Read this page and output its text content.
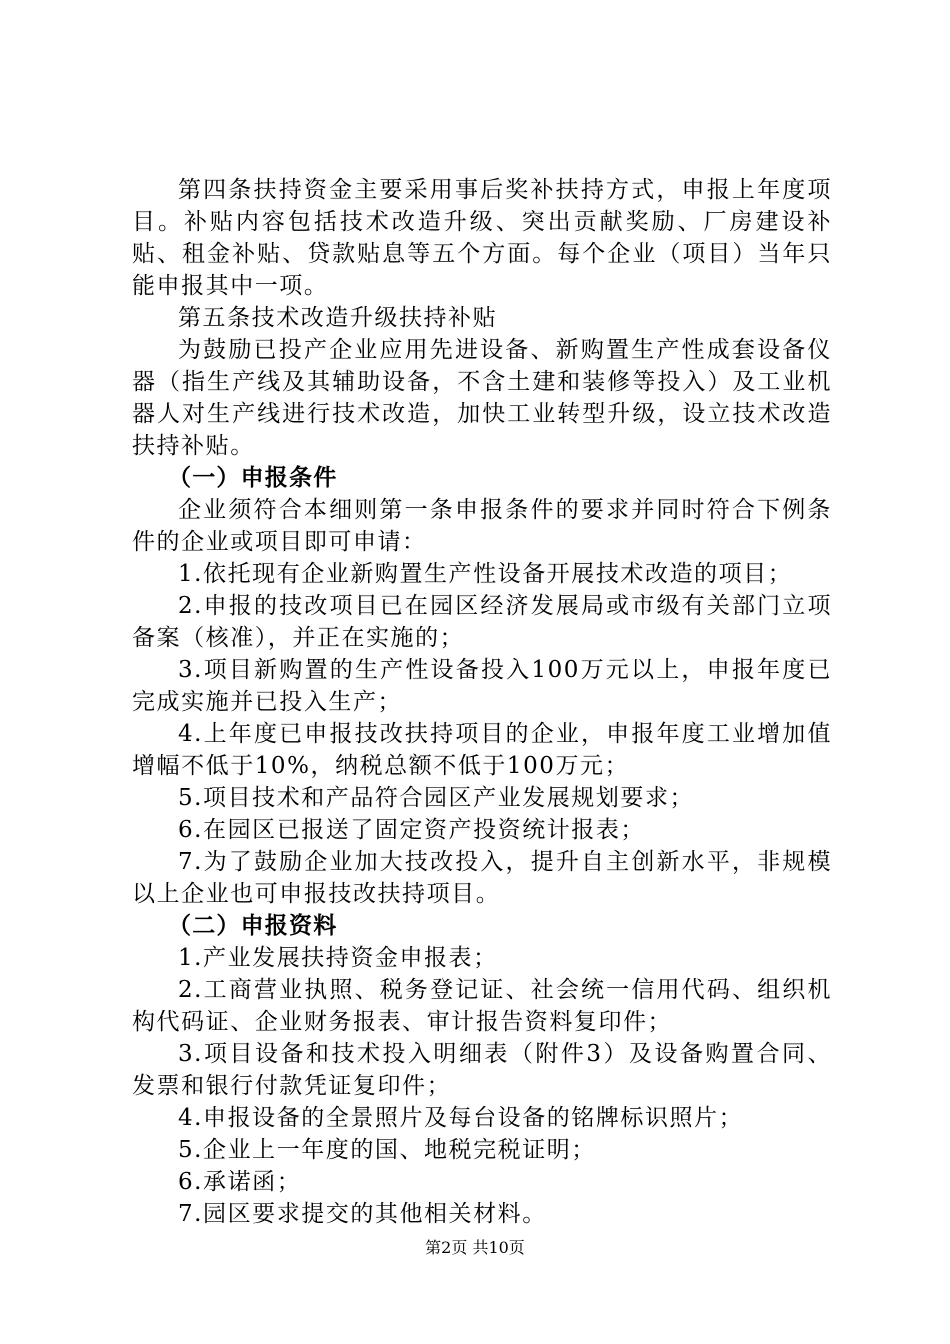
第四条扶持资金主要采用事后奖补扶持方式，申报上年度项目。补贴内容包括技术改造升级、突出贡献奖励、厂房建设补贴、租金补贴、贷款贴息等五个方面。每个企业（项目）当年只能申报其中一项。

第五条技术改造升级扶持补贴

为鼓励已投产企业应用先进设备、新购置生产性成套设备仪器（指生产线及其辅助设备，不含土建和装修等投入）及工业机器人对生产线进行技术改造，加快工业转型升级，设立技术改造扶持补贴。

（一）申报条件

企业须符合本细则第一条申报条件的要求并同时符合下例条件的企业或项目即可申请：

1.依托现有企业新购置生产性设备开展技术改造的项目；

2.申报的技改项目已在园区经济发展局或市级有关部门立项备案（核准），并正在实施的；

3.项目新购置的生产性设备投入100万元以上，申报年度已完成实施并已投入生产；

4.上年度已申报技改扶持项目的企业，申报年度工业增加值增幅不低于10%，纳税总额不低于100万元；

5.项目技术和产品符合园区产业发展规划要求；

6.在园区已报送了固定资产投资统计报表；

7.为了鼓励企业加大技改投入，提升自主创新水平，非规模以上企业也可申报技改扶持项目。

（二）申报资料

1.产业发展扶持资金申报表；

2.工商营业执照、税务登记证、社会统一信用代码、组织机构代码证、企业财务报表、审计报告资料复印件；

3.项目设备和技术投入明细表（附件3）及设备购置合同、发票和银行付款凭证复印件；

4.申报设备的全景照片及每台设备的铭牌标识照片；

5.企业上一年度的国、地税完税证明；

6.承诺函；

7.园区要求提交的其他相关材料。

第2页 共10页
